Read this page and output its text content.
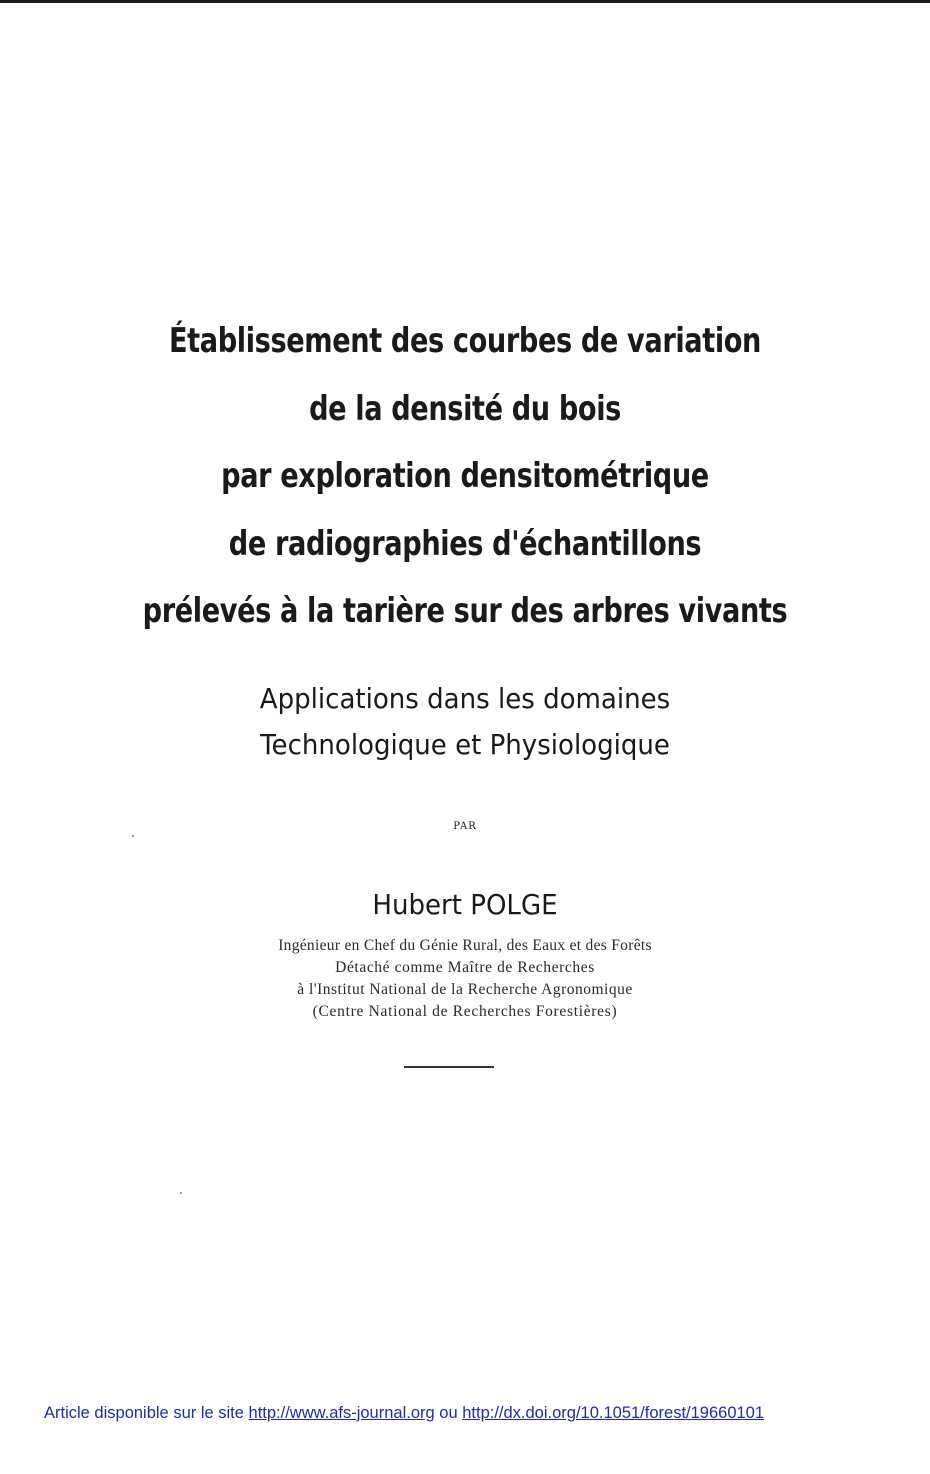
Établissement des courbes de variation
de la densité du bois
par exploration densitométrique
de radiographies d'échantillons
prélevés à la tarière sur des arbres vivants
Applications dans les domaines
Technologique et Physiologique
PAR
Hubert POLGE
Ingénieur en Chef du Génie Rural, des Eaux et des Forêts
Détaché comme Maître de Recherches
à l'Institut National de la Recherche Agronomique
(Centre National de Recherches Forestières)
Article disponible sur le site http://www.afs-journal.org ou http://dx.doi.org/10.1051/forest/19660101
